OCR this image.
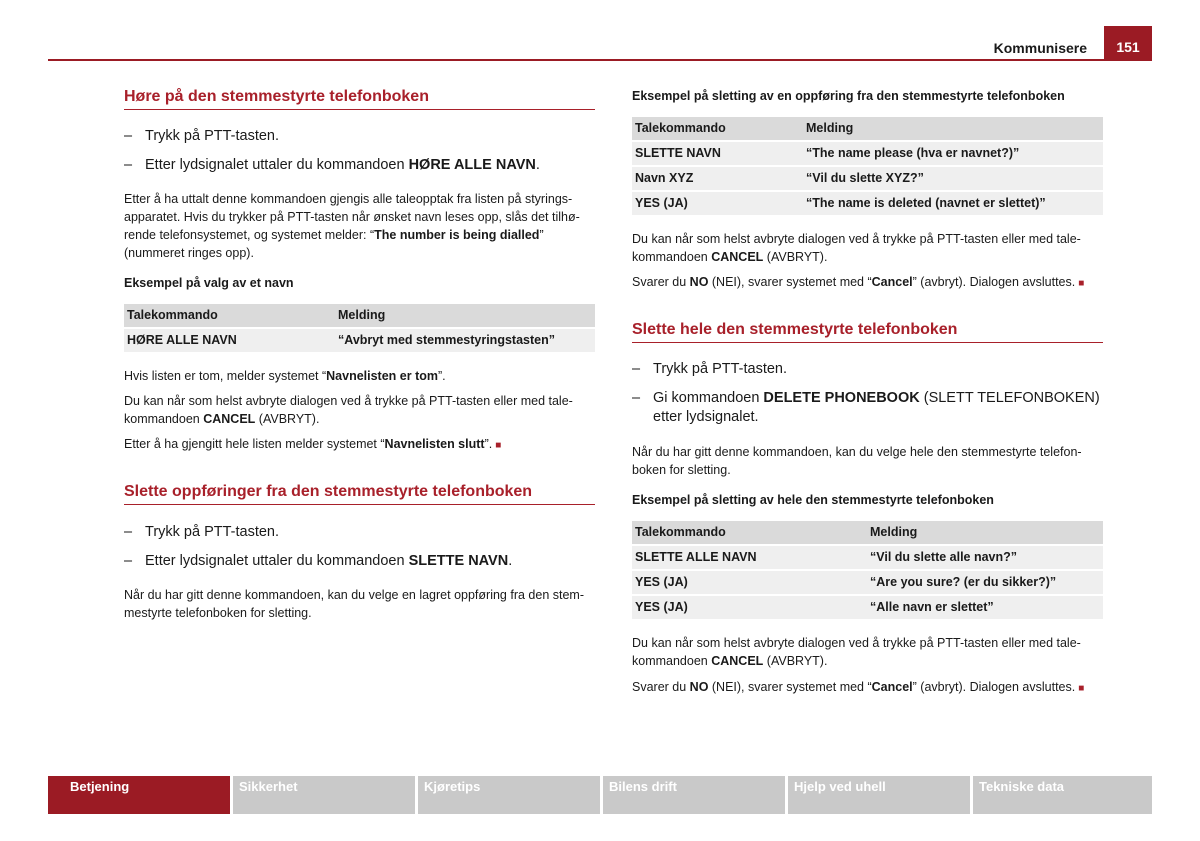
Kommunisere	151
Høre på den stemmestyrte telefonboken
– Trykk på PTT-tasten.
– Etter lydsignalet uttaler du kommandoen HØRE ALLE NAVN.
Etter å ha uttalt denne kommandoen gjengis alle taleopptak fra listen på styrings-apparatet. Hvis du trykker på PTT-tasten når ønsket navn leses opp, slås det tilhø-rende telefonsystemet, og systemet melder: “The number is being dialled” (nummeret ringes opp).
Eksempel på valg av et navn
Talekommando	Melding
HØRE ALLE NAVN	“Avbryt med stemmestyringstasten”
Hvis listen er tom, melder systemet “Navnelisten er tom”.
Du kan når som helst avbryte dialogen ved å trykke på PTT-tasten eller med tale-kommandoen CANCEL (AVBRYT).
Etter å ha gjengitt hele listen melder systemet “Navnelisten slutt”. ■
Slette oppføringer fra den stemmestyrte telefonboken
– Trykk på PTT-tasten.
– Etter lydsignalet uttaler du kommandoen SLETTE NAVN.
Når du har gitt denne kommandoen, kan du velge en lagret oppføring fra den stem-mestyrte telefonboken for sletting.
Eksempel på sletting av en oppføring fra den stemmestyrte telefonboken
Talekommando	Melding
SLETTE NAVN	“The name please (hva er navnet?)”
Navn XYZ	“Vil du slette XYZ?”
YES (JA)	“The name is deleted (navnet er slettet)”
Du kan når som helst avbryte dialogen ved å trykke på PTT-tasten eller med tale-kommandoen CANCEL (AVBRYT).
Svarer du NO (NEI), svarer systemet med “Cancel” (avbryt). Dialogen avsluttes. ■
Slette hele den stemmestyrte telefonboken
– Trykk på PTT-tasten.
– Gi kommandoen DELETE PHONEBOOK (SLETT TELEFONBOKEN) etter lydsignalet.
Når du har gitt denne kommandoen, kan du velge hele den stemmestyrte telefon-boken for sletting.
Eksempel på sletting av hele den stemmestyrte telefonboken
Talekommando	Melding
SLETTE ALLE NAVN	“Vil du slette alle navn?”
YES (JA)	“Are you sure? (er du sikker?)”
YES (JA)	“Alle navn er slettet”
Du kan når som helst avbryte dialogen ved å trykke på PTT-tasten eller med tale-kommandoen CANCEL (AVBRYT).
Svarer du NO (NEI), svarer systemet med “Cancel” (avbryt). Dialogen avsluttes. ■
Betjening	Sikkerhet	Kjøretips	Bilens drift	Hjelp ved uhell	Tekniske data
